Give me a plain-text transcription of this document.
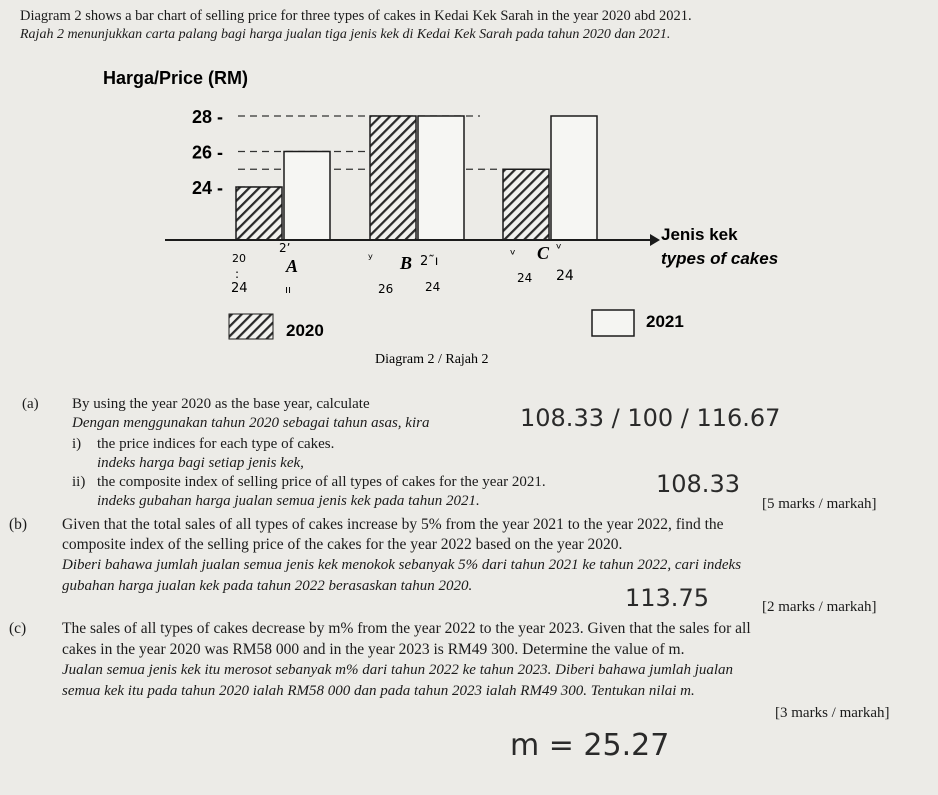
Diagram 2 shows a bar chart of selling price for three types of cakes in Kedai Kek Sarah in the year 2020 abd 2021.
Rajah 2 menunjukkan carta palang bagi harga jualan tiga jenis kek di Kedai Kek Sarah pada tahun 2020 dan 2021.
24 -
26 -
28 -
A	B	C
Harga/Price (RM)
Jenis kek
types of cakes
2020	2021
Diagram 2 / Rajah 2
20
:
24
2ʼ
ıı
ʸ	2˜ı
26	24
ᵛ	ᵛ
24 24
(a) By using the year 2020 as the base year, calculate
Dengan menggunakan tahun 2020 sebagai tahun asas, kira	108.33 / 100 / 116.67
i) the price indices for each type of cakes.
indeks harga bagi setiap jenis kek,
ii) the composite index of selling price of all types of cakes for the year 2021.
indeks gubahan harga jualan semua jenis kek pada tahun 2021.
108.33
[5 marks / markah]
(b) Given that the total sales of all types of cakes increase by 5% from the year 2021 to the year 2022, find the
composite index of the selling price of the cakes for the year 2022 based on the year 2020.
Diberi bahawa jumlah jualan semua jenis kek menokok sebanyak 5% dari tahun 2021 ke tahun 2022, cari indeks
gubahan harga jualan kek pada tahun 2022 berasaskan tahun 2020.	113.75	[2 marks / markah]
(c) The sales of all types of cakes decrease by m% from the year 2022 to the year 2023. Given that the sales for all
cakes in the year 2020 was RM58 000 and in the year 2023 is RM49 300. Determine the value of m.
Jualan semua jenis kek itu merosot sebanyak m% dari tahun 2022 ke tahun 2023. Diberi bahawa jumlah jualan
semua kek itu pada tahun 2020 ialah RM58 000 dan pada tahun 2023 ialah RM49 300. Tentukan nilai m.
[3 marks / markah]
m = 25.27
